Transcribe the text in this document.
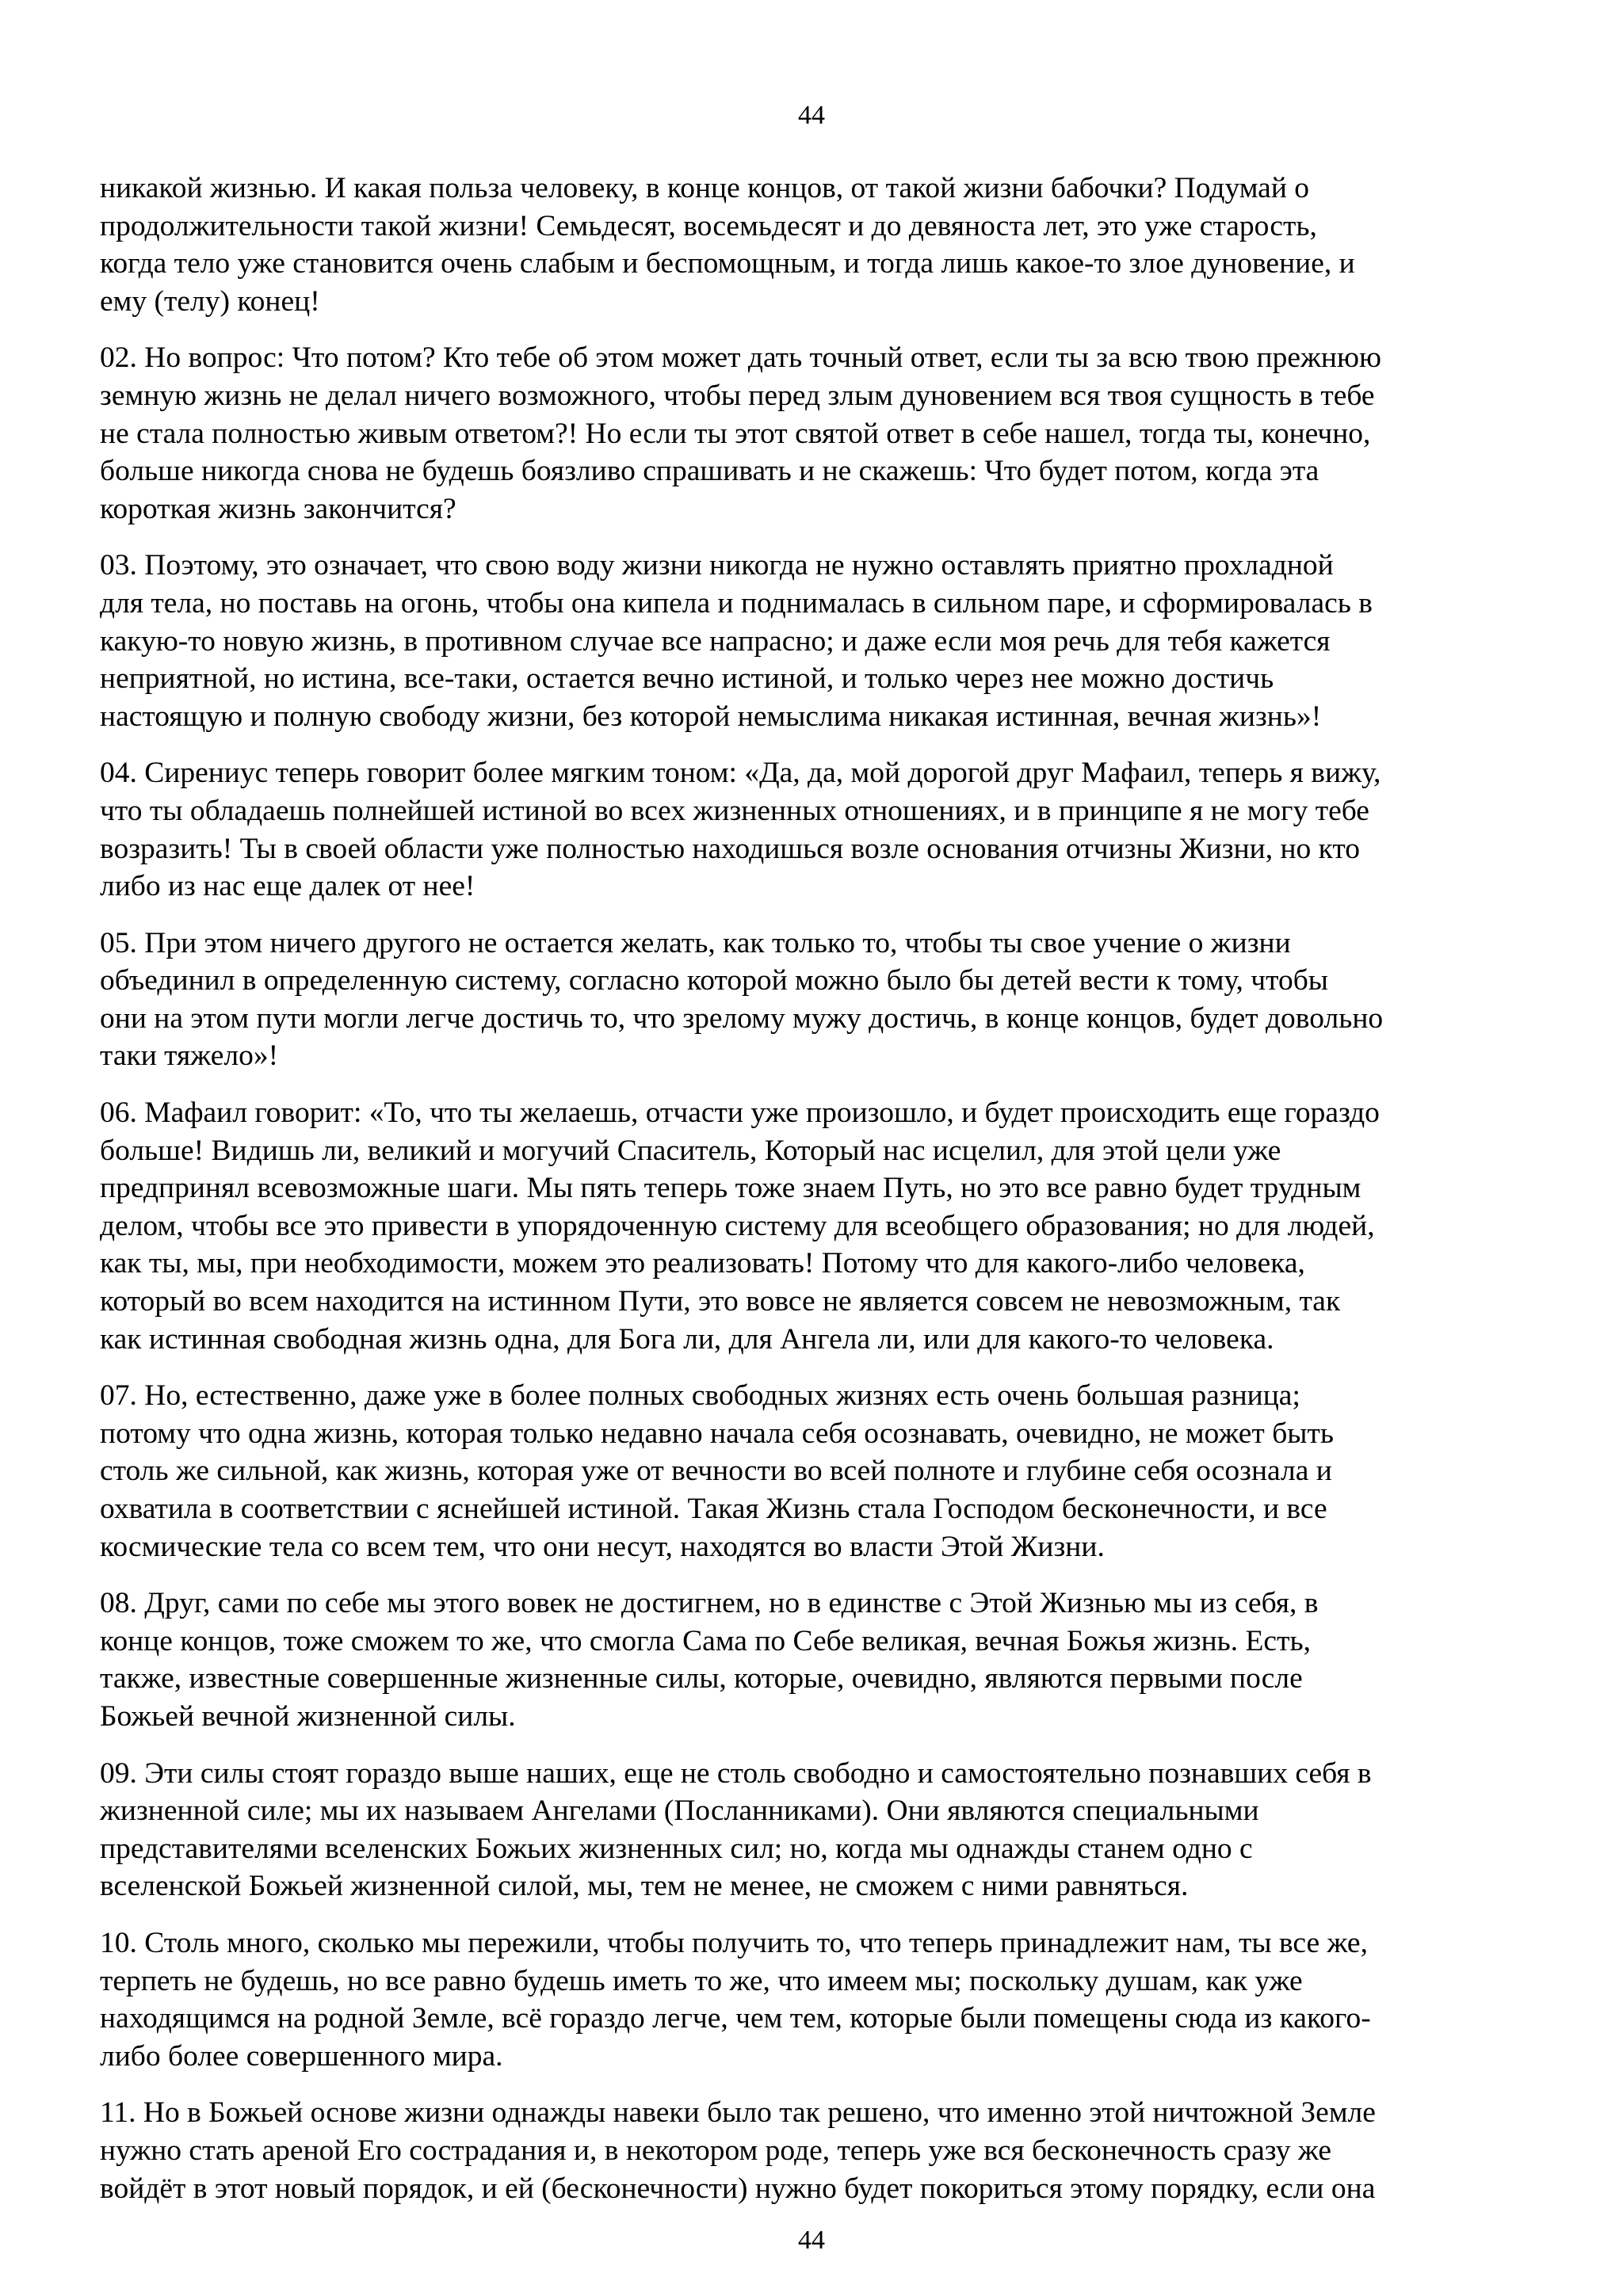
44

никакой жизнью. И какая польза человеку, в конце концов, от такой жизни бабочки? Подумай о
продолжительности такой жизни! Семьдесят, восемьдесят и до девяноста лет, это уже старость,
когда тело уже становится очень слабым и беспомощным, и тогда лишь какое-то злое дуновение, и
ему (телу) конец!

02. Но вопрос: Что потом? Кто тебе об этом может дать точный ответ, если ты за всю твою прежнюю
земную жизнь не делал ничего возможного, чтобы перед злым дуновением вся твоя сущность в тебе
не стала полностью живым ответом?! Но если ты этот святой ответ в себе нашел, тогда ты, конечно,
больше никогда снова не будешь боязливо спрашивать и не скажешь: Что будет потом, когда эта
короткая жизнь закончится?

03. Поэтому, это означает, что свою воду жизни никогда не нужно оставлять приятно прохладной
для тела, но поставь на огонь, чтобы она кипела и поднималась в сильном паре, и сформировалась в
какую-то новую жизнь, в противном случае все напрасно; и даже если моя речь для тебя кажется
неприятной, но истина, все-таки, остается вечно истиной, и только через нее можно достичь
настоящую и полную свободу жизни, без которой немыслима никакая истинная, вечная жизнь»!

04. Сирениус теперь говорит более мягким тоном: «Да, да, мой дорогой друг Мафаил, теперь я вижу,
что ты обладаешь полнейшей истиной во всех жизненных отношениях, и в принципе я не могу тебе
возразить! Ты в своей области уже полностью находишься возле основания отчизны Жизни, но кто
либо из нас еще далек от нее!

05. При этом ничего другого не остается желать, как только то, чтобы ты свое учение о жизни
объединил в определенную систему, согласно которой можно было бы детей вести к тому, чтобы
они на этом пути могли легче достичь то, что зрелому мужу достичь, в конце концов, будет довольно
таки тяжело»!

06. Мафаил говорит: «То, что ты желаешь, отчасти уже произошло, и будет происходить еще гораздо
больше! Видишь ли, великий и могучий Спаситель, Который нас исцелил, для этой цели уже
предпринял всевозможные шаги. Мы пять теперь тоже знаем Путь, но это все равно будет трудным
делом, чтобы все это привести в упорядоченную систему для всеобщего образования; но для людей,
как ты, мы, при необходимости, можем это реализовать! Потому что для какого-либо человека,
который во всем находится на истинном Пути, это вовсе не является совсем не невозможным, так
как истинная свободная жизнь одна, для Бога ли, для Ангела ли, или для какого-то человека.

07. Но, естественно, даже уже в более полных свободных жизнях есть очень большая разница;
потому что одна жизнь, которая только недавно начала себя осознавать, очевидно, не может быть
столь же сильной, как жизнь, которая уже от вечности во всей полноте и глубине себя осознала и
охватила в соответствии с яснейшей истиной. Такая Жизнь стала Господом бесконечности, и все
космические тела со всем тем, что они несут, находятся во власти Этой Жизни.

08. Друг, сами по себе мы этого вовек не достигнем, но в единстве с Этой Жизнью мы из себя, в
конце концов, тоже сможем то же, что смогла Сама по Себе великая, вечная Божья жизнь. Есть,
также, известные совершенные жизненные силы, которые, очевидно, являются первыми после
Божьей вечной жизненной силы.

09. Эти силы стоят гораздо выше наших, еще не столь свободно и самостоятельно познавших себя в
жизненной силе; мы их называем Ангелами (Посланниками). Они являются специальными
представителями вселенских Божьих жизненных сил; но, когда мы однажды станем одно с
вселенской Божьей жизненной силой, мы, тем не менее, не сможем с ними равняться.

10. Столь много, сколько мы пережили, чтобы получить то, что теперь принадлежит нам, ты все же,
терпеть не будешь, но все равно будешь иметь то же, что имеем мы; поскольку душам, как уже
находящимся на родной Земле, всё гораздо легче, чем тем, которые были помещены сюда из какого-
либо более совершенного мира.

11. Но в Божьей основе жизни однажды навеки было так решено, что именно этой ничтожной Земле
нужно стать ареной Его сострадания и, в некотором роде, теперь уже вся бесконечность сразу же
войдёт в этот новый порядок, и ей (бесконечности) нужно будет покориться этому порядку, если она

44
